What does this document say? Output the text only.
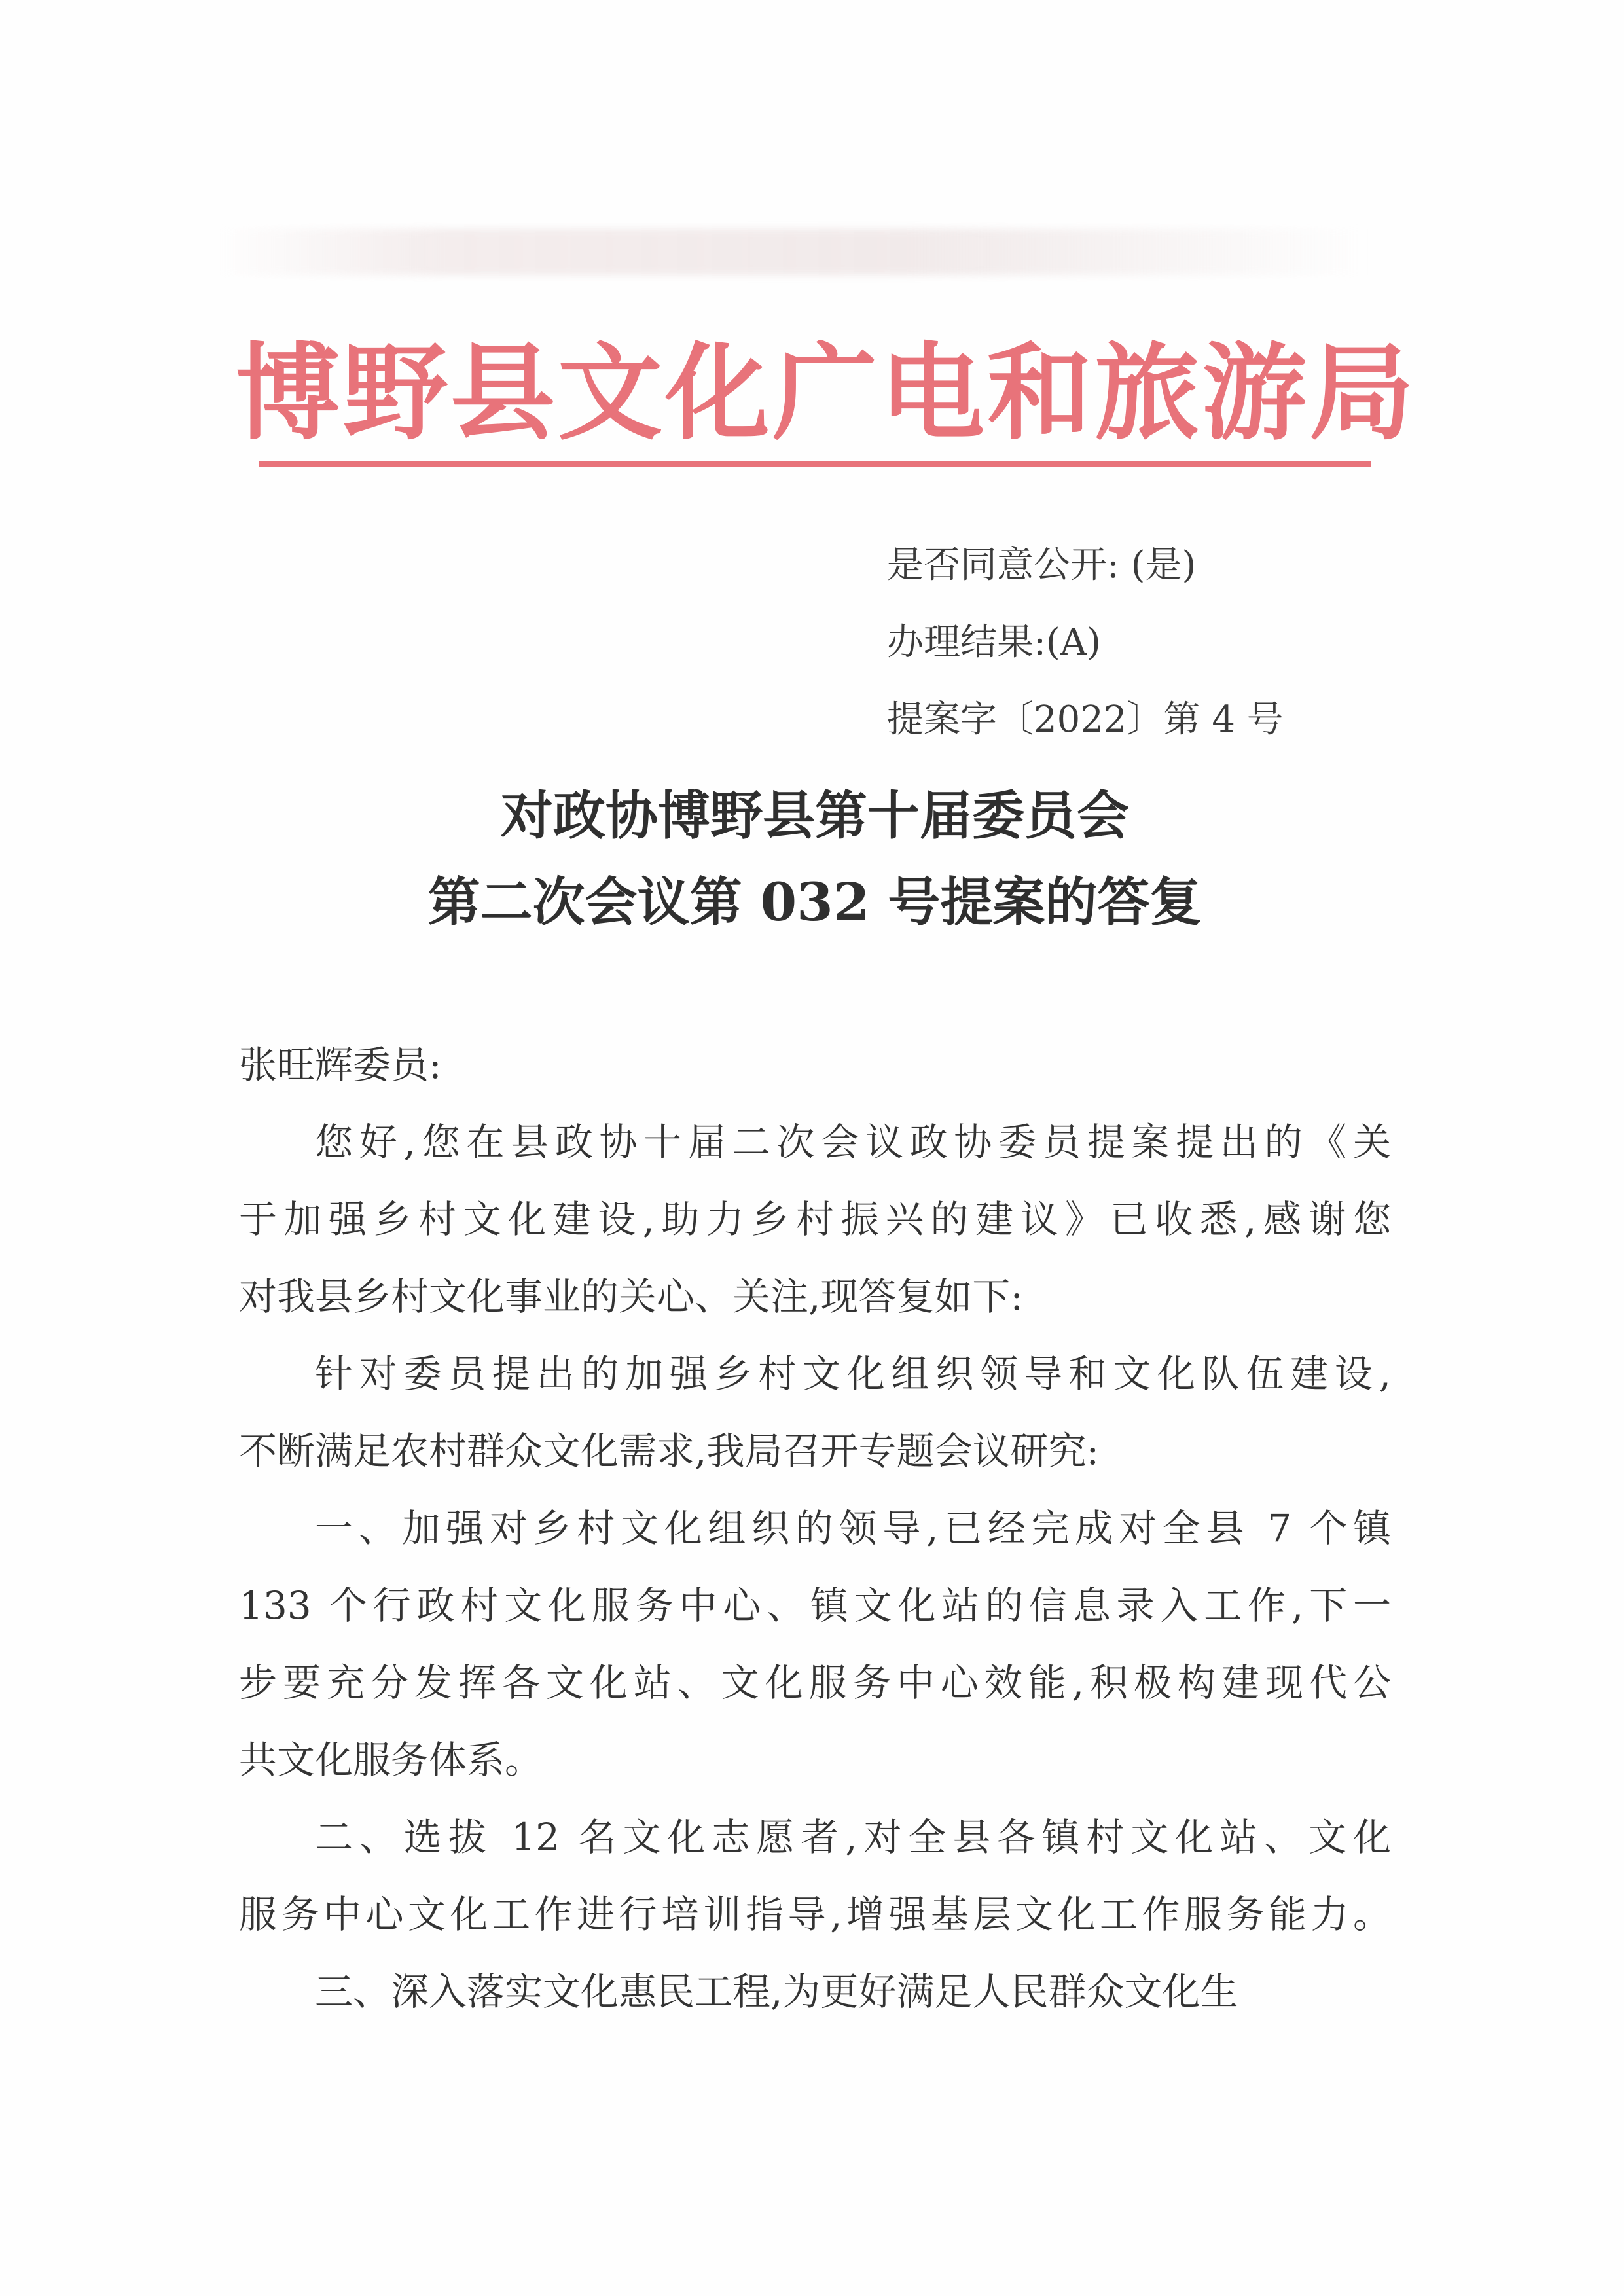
博野县文化广电和旅游局
是否同意公开: (是)
办理结果:(A)
提案字〔2022〕第 4 号
对政协博野县第十届委员会
第二次会议第 032 号提案的答复
张旺辉委员:
您好,您在县政协十届二次会议政协委员提案提出的《关
于加强乡村文化建设,助力乡村振兴的建议》已收悉,感谢您
对我县乡村文化事业的关心、关注,现答复如下:
针对委员提出的加强乡村文化组织领导和文化队伍建设,
不断满足农村群众文化需求,我局召开专题会议研究:
一、加强对乡村文化组织的领导,已经完成对全县 7 个镇
133 个行政村文化服务中心、镇文化站的信息录入工作,下一
步要充分发挥各文化站、文化服务中心效能,积极构建现代公
共文化服务体系。
二、选拔 12 名文化志愿者,对全县各镇村文化站、文化
服务中心文化工作进行培训指导,增强基层文化工作服务能力。
三、深入落实文化惠民工程,为更好满足人民群众文化生
